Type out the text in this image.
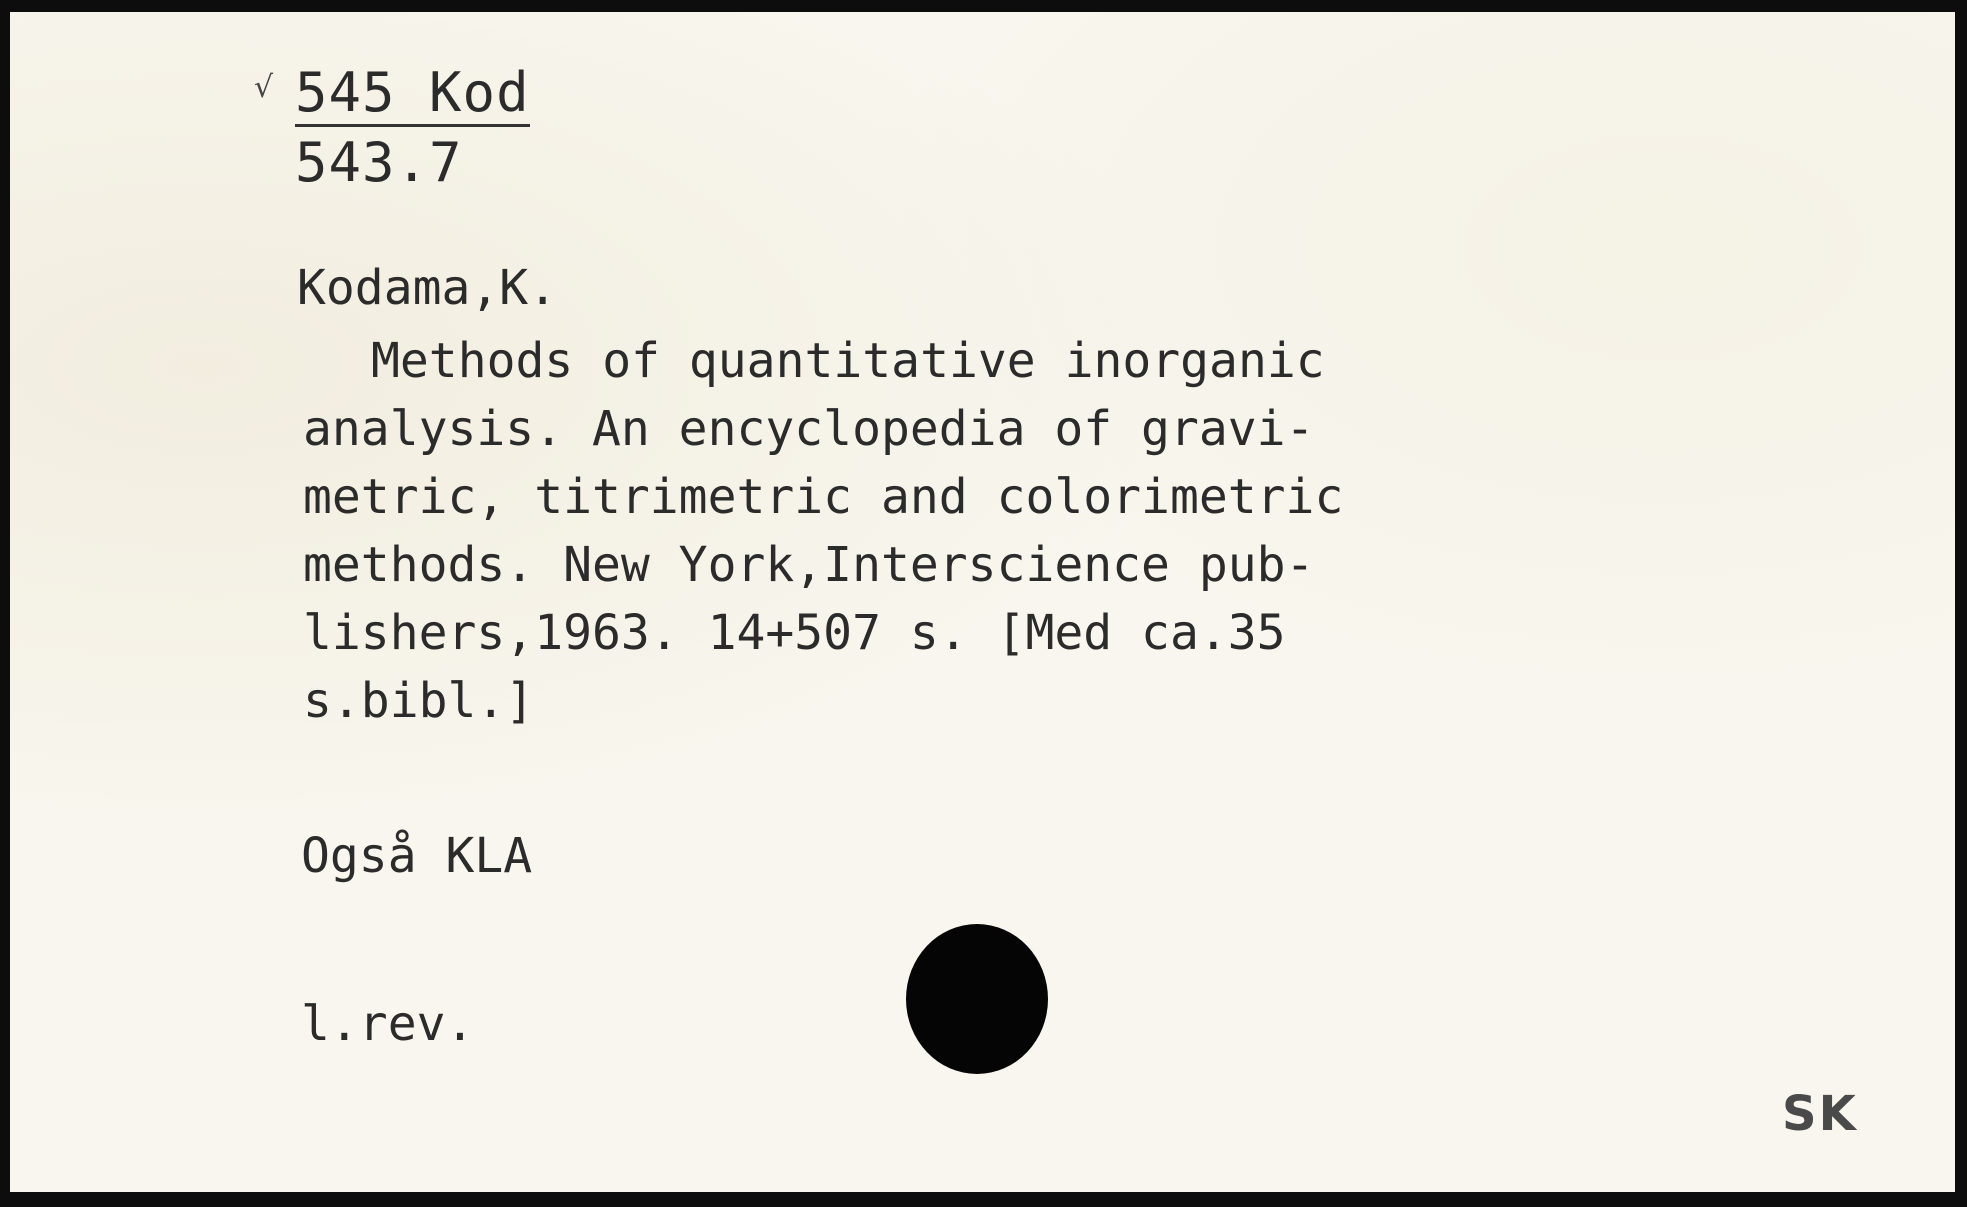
√ 545 Kod
543.7
Kodama,K.
Methods of quantitative inorganic
analysis. An encyclopedia of gravi-
metric, titrimetric and colorimetric
methods. New York,Interscience pub-
lishers,1963. 14+507 s. [Med ca.35
s.bibl.]
Også KLA
l.rev.
SK
